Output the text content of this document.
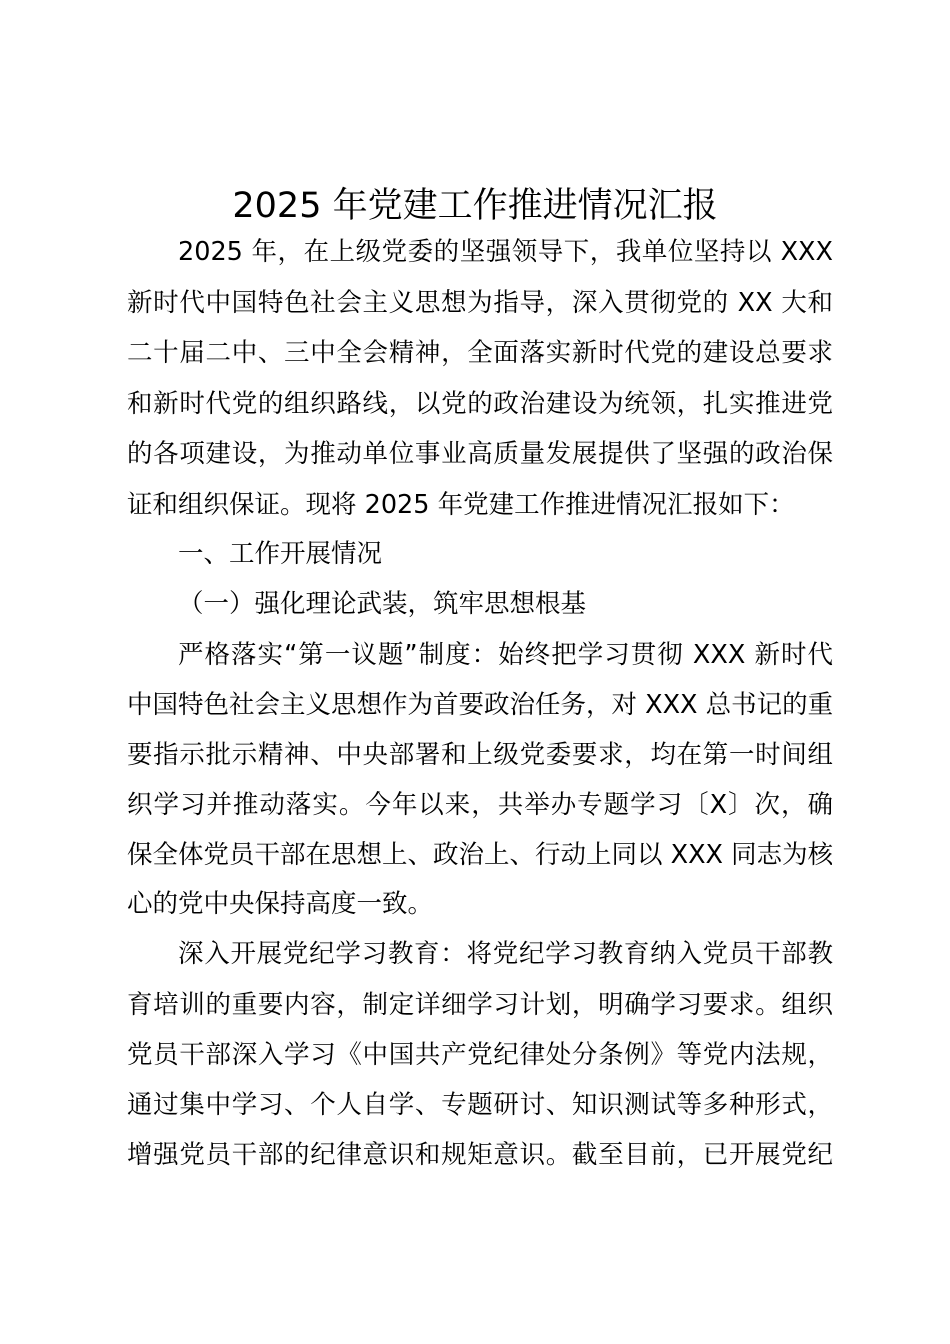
2025 年党建工作推进情况汇报

2025 年，在上级党委的坚强领导下，我单位坚持以 XXX

新时代中国特色社会主义思想为指导，深入贯彻党的 XX 大和

二十届二中、三中全会精神，全面落实新时代党的建设总要求

和新时代党的组织路线，以党的政治建设为统领，扎实推进党

的各项建设，为推动单位事业高质量发展提供了坚强的政治保

证和组织保证。现将 2025 年党建工作推进情况汇报如下：

一、工作开展情况

（一）强化理论武装，筑牢思想根基

严格落实“第一议题”制度：始终把学习贯彻 XXX 新时代

中国特色社会主义思想作为首要政治任务，对 XXX 总书记的重

要指示批示精神、中央部署和上级党委要求，均在第一时间组

织学习并推动落实。今年以来，共举办专题学习〔X〕次，确

保全体党员干部在思想上、政治上、行动上同以 XXX 同志为核

心的党中央保持高度一致。

深入开展党纪学习教育：将党纪学习教育纳入党员干部教

育培训的重要内容，制定详细学习计划，明确学习要求。组织

党员干部深入学习《中国共产党纪律处分条例》等党内法规，

通过集中学习、个人自学、专题研讨、知识测试等多种形式，

增强党员干部的纪律意识和规矩意识。截至目前，已开展党纪
